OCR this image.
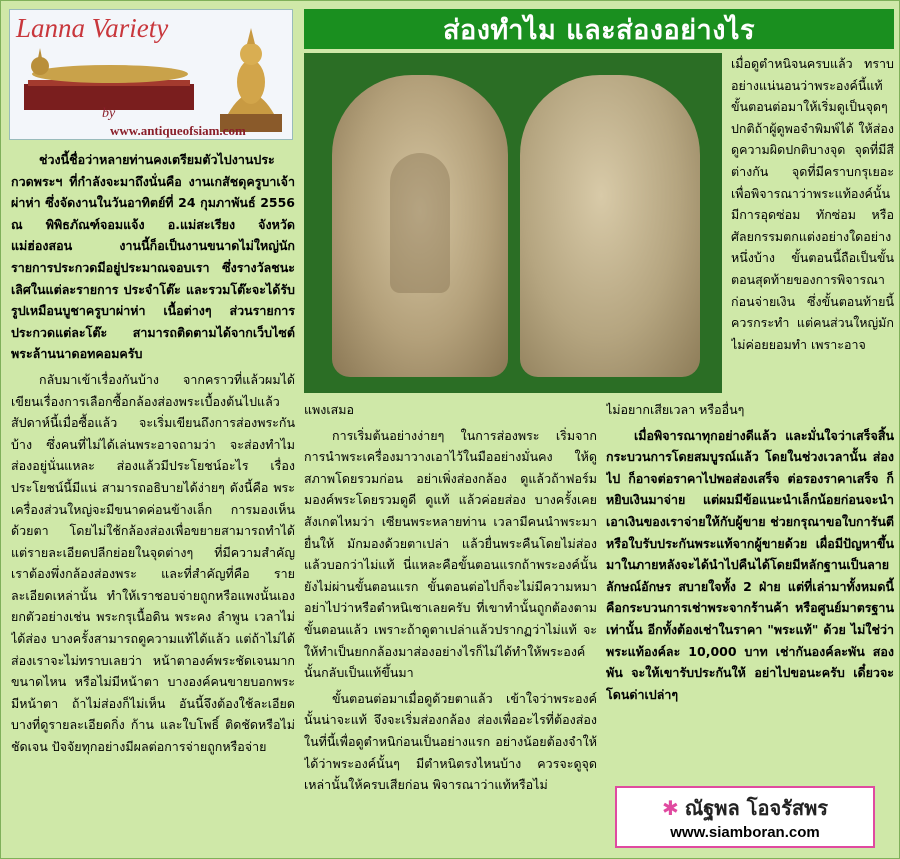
Lanna Variety
by
www.antiqueofsiam.com
ส่องทำไม และส่องอย่างไร

ช่วงนี้ชื่อว่าหลายท่านคงเตรียมตัวไปงานประกวดพระฯ ที่กำลังจะมาถึงนั่นคือ งานเกสัชดุครูบาเจ้าผ่าห่า ซึ่งจัดงานในวันอาทิตย์ที่ 24 กุมภาพันธ์ 2556 ณ พิพิธภัณฑ์จอมแจ้ง อ.แม่สะเรียง จังหวัดแม่ฮ่องสอน งานนี้ก็อเป็นงานขนาดไม่ใหญ่นัก รายการประกวดมีอยู่ประมาณจอบเรา ซึ่งรางวัลชนะเลิศในแต่ละรายการ ประจำโต๊ะ และรวมโต๊ะจะได้รับรูปเหมือนบูชาครูบาผ่าห่า เนื้อต่างๆ ส่วนรายการประกวดแต่ละโต๊ะ สามารถติดตามได้จากเว็บไซต์พระล้านนาดอทคอมครับ

กลับมาเข้าเรื่องกันบ้าง จากคราวที่แล้วผมได้เขียนเรื่องการเลือกซื้อกล้องส่องพระเบื้องต้นไปแล้ว สัปดาห์นี้เมื่อซื้อแล้ว จะเริ่มเขียนถึงการส่องพระกันบ้าง ซึ่งคนที่ไม่ได้เล่นพระอาจถามว่า จะส่องทำไม ส่องอยู่นั่นแหละ ส่องแล้วมีประโยชน์อะไร เรื่องประโยชน์นี้มีแน่ สามารถอธิบายได้ง่ายๆ ดังนี้คือ พระเครื่องส่วนใหญ่จะมีขนาดค่อนข้างเล็ก การมองเห็นด้วยตา โดยไม่ใช้กล้องส่องเพื่อขยายสามารถทำได้ แต่รายละเอียดปลีกย่อยในจุดต่างๆ ที่มีความสำคัญเราต้องพึ่งกล้องส่องพระ และที่สำคัญที่คือ รายละเอียดเหล่านั้น ทำให้เราชอบจ่ายถูกหรือแพงนั้นเองยกตัวอย่างเช่น พระกรุเนื้อดิน พระคง ลำพูน เวลาไม่ได้ส่อง บางครั้งสามารถดูความแท้ได้แล้ว แต่ถ้าไม่ได้ส่องเราจะไม่ทราบเลยว่า หน้าตาองค์พระชัดเจนมากขนาดไหน หรือไม่มีหน้าตา บางองค์คนขายบอกพระมีหน้าตา ถ้าไม่ส่องก็ไม่เห็น อันนี้จึงต้องใช้ละเอียดบางที่ดูรายละเอียดกิ่ง ก้าน และใบโพธิ์ ติดชัดหรือไม่ชัดเจน ปัจจัยทุกอย่างมีผลต่อการจ่ายถูกหรือจ่าย

แพงเสมอ

การเริ่มต้นอย่างง่ายๆ ในการส่องพระ เริ่มจาก การนำพระเครื่องมาวางเอาไว้ในมืออย่างมั่นคง ให้ดูสภาพโดยรวมก่อน อย่าเพิ่งส่องกล้อง ดูแล้วถ้าฟอร์มมองค์พระโดยรวมดูดี ดูแท้ แล้วค่อยส่อง บางครั้งเคยสังเกตไหมว่า เซียนพระหลายท่าน เวลามีคนนำพระมายื่นให้ มักมองด้วยตาเปล่า แล้วยื่นพระคืนโดยไม่ส่อง แล้วบอกว่าไม่แท้ นี่แหละคือขั้นตอนแรกถ้าพระองค์นั้นยังไม่ผ่านขั้นตอนแรก ขั้นตอนต่อไปก็จะไม่มีความหมา อย่าไปว่าหรือตำหนิเซาเลยครับ ที่เขาทำนั้นถูกต้องตามขั้นตอนแล้ว เพราะถ้าดูตาเปล่าแล้วปรากฏว่าไม่แท้ จะให้ทำเป็นยกกล้องมาส่องอย่างไรก็ไม่ได้ทำให้พระองค์นั้นกลับเป็นแท้ขึ้นมา

ขั้นตอนต่อมาเมื่อดูด้วยตาแล้ว เข้าใจว่าพระองค์นั้นน่าจะแท้ จึงจะเริ่มส่องกล้อง ส่องเพื่ออะไรที่ต้องส่องในที่นี้เพื่อดูตำหนิก่อนเป็นอย่างแรก อย่างน้อยต้องจำให้ได้ว่าพระองค์นั้นๆ มีตำหนิตรงไหนบ้าง ควรจะดูจุดเหล่านั้นให้ครบเสียก่อน พิจารณาว่าแท้หรือไม่

เมื่อดูตำหนิจนครบแล้ว ทราบอย่างแน่นอนว่าพระองค์นี้แท้ ขั้นตอนต่อมาให้เริ่มดูเป็นจุดๆ ปกติถ้าผู้ดูพอจำพิมพ์ได้ ให้ส่องดูความผิดปกติบางจุด จุดที่มีสีต่างกัน จุดที่มีคราบกรุเยอะเพื่อพิจารณาว่าพระแท้องค์นั้นมีการอุดซ่อม ทักซ่อม หรือศัลยกรรมตกแต่งอย่างใดอย่างหนึ่งบ้าง ขั้นตอนนี้ถือเป็นขั้นตอนสุดท้ายของการพิจารณาก่อนจ่ายเงิน ซึ่งขั้นตอนท้ายนี้ควรกระทำ แต่คนส่วนใหญ่มักไม่ค่อยยอมทำ เพราะอาจ

ไม่อยากเสียเวลา หรืออื่นๆ

เมื่อพิจารณาทุกอย่างดีแล้ว และมั่นใจว่าเสร็จสิ้นกระบวนการโดยสมบูรณ์แล้ว โดยในช่วงเวลานั้น ส่องไป ก็อาจต่อราคาไปพอส่องเสร็จ ต่อรองราคาเสร็จ ก็หยิบเงินมาจ่าย แต่ผมมีข้อแนะนำเล็กน้อยก่อนจะนำเอาเงินของเราจ่ายให้กับผู้ขาย ช่วยกรุณาขอใบการันตี หรือใบรับประกันพระแท้จากผู้ขายด้วย เผื่อมีปัญหาขึ้นมาในภายหลังจะได้นำไปคืนได้โดยมีหลักฐานเป็นลายลักษณ์อักษร สบายใจทั้ง 2 ฝ่าย แต่ที่เล่ามาทั้งหมดนี้ คือกระบวนการเช่าพระจากร้านค้า หรือศูนย์มาตรฐานเท่านั้น อีกทั้งต้องเช่าในราคา "พระแท้" ด้วย ไม่ใช่ว่าพระแท้องค์ละ 10,000 บาท เช่ากันองค์ละพัน สองพัน จะให้เขารับประกันให้ อย่าไปขอนะครับ เดี๋ยวจะโดนด่าเปล่าๆ

✱ ณัฐพล โอจรัสพร
www.siamboran.com
